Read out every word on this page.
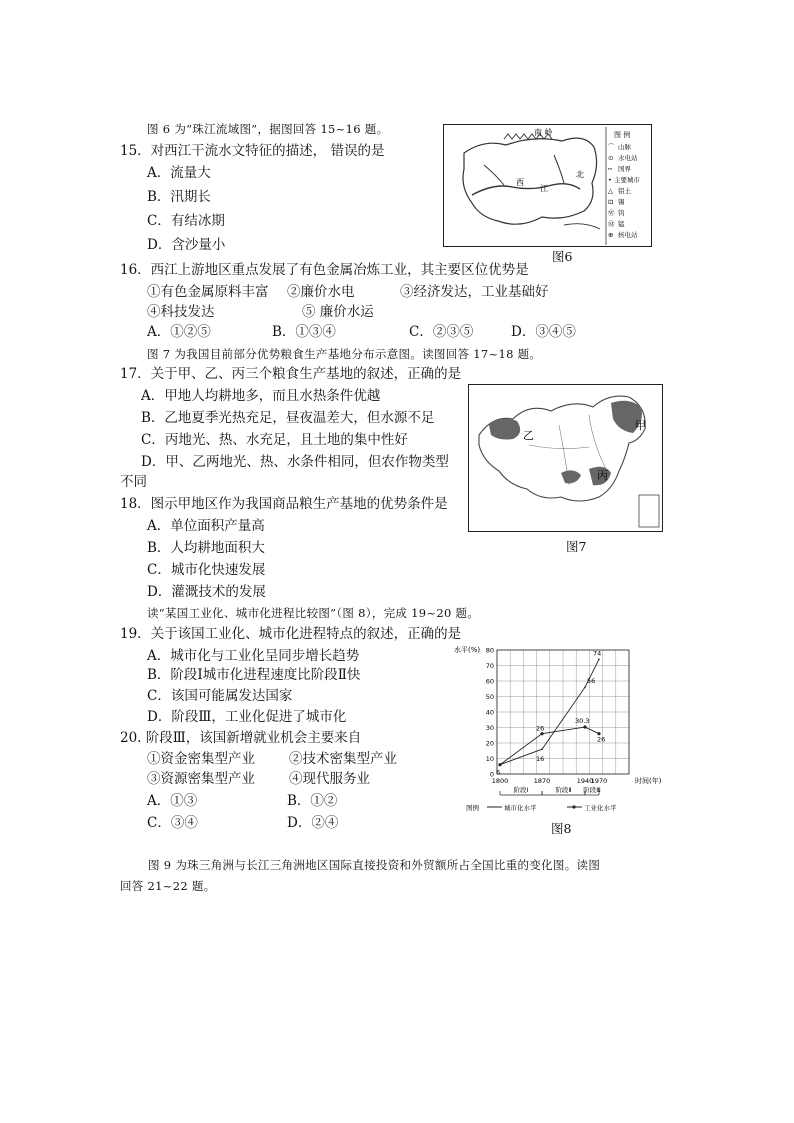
图 6 为“珠江流域图”，据图回答 15~16 题。
15．对西江干流水文特征的描述， 错误的是
A．流量大
B．汛期长
C．有结冰期
D．含沙量小
南 岭
西
江
北
图 例
⌒ 山脉
⊙ 水电站
┅ 国界
• 主要城市
△ 铝土
⊡ 锡
Ⓦ 钨
Ⓜ 锰
⊕ 核电站
图6
16．西江上游地区重点发展了有色金属冶炼工业，其主要区位优势是
①有色金属原料丰富 ②廉价水电	③经济发达，工业基础好
④科技发达	⑤ 廉价水运
A．①②⑤	B．①③④	C．②③⑤	D．③④⑤
图 7 为我国目前部分优势粮食生产基地分布示意图。读图回答 17~18 题。
17．关于甲、乙、丙三个粮食生产基地的叙述，正确的是
A．甲地人均耕地多，而且水热条件优越
B．乙地夏季光热充足，昼夜温差大，但水源不足
C．丙地光、热、水充足，且土地的集中性好
D．甲、乙两地光、热、水条件相同，但农作物类型
不同
乙
甲
丙
图7
18．图示甲地区作为我国商品粮生产基地的优势条件是
A．单位面积产量高
B．人均耕地面积大
C．城市化快速发展
D．灌溉技术的发展
读“某国工业化、城市化进程比较图”（图 8），完成 19~20 题。
19．关于该国工业化、城市化进程特点的叙述，正确的是
A．城市化与工业化呈同步增长趋势
B．阶段Ⅰ城市化进程速度比阶段Ⅱ快
C．该国可能属发达国家
D．阶段Ⅲ，工业化促进了城市化
20. 阶段Ⅲ，该国新增就业机会主要来自
①资金密集型产业	②技术密集型产业
③资源密集型产业	④现代服务业
A．①③	B．①②
C．③④	D．②④
0
10
20
30
40
50
60
70
80
1800	1870	1940
1970
阶段Ⅰ	阶段Ⅱ 阶段Ⅲ
6
16
56
74
26
30.3
26
水平(%)
时间(年)
图例	城市化水平	工业化水平
图8
图 9 为珠三角洲与长江三角洲地区国际直接投资和外贸额所占全国比重的变化图。读图
回答 21~22 题。
